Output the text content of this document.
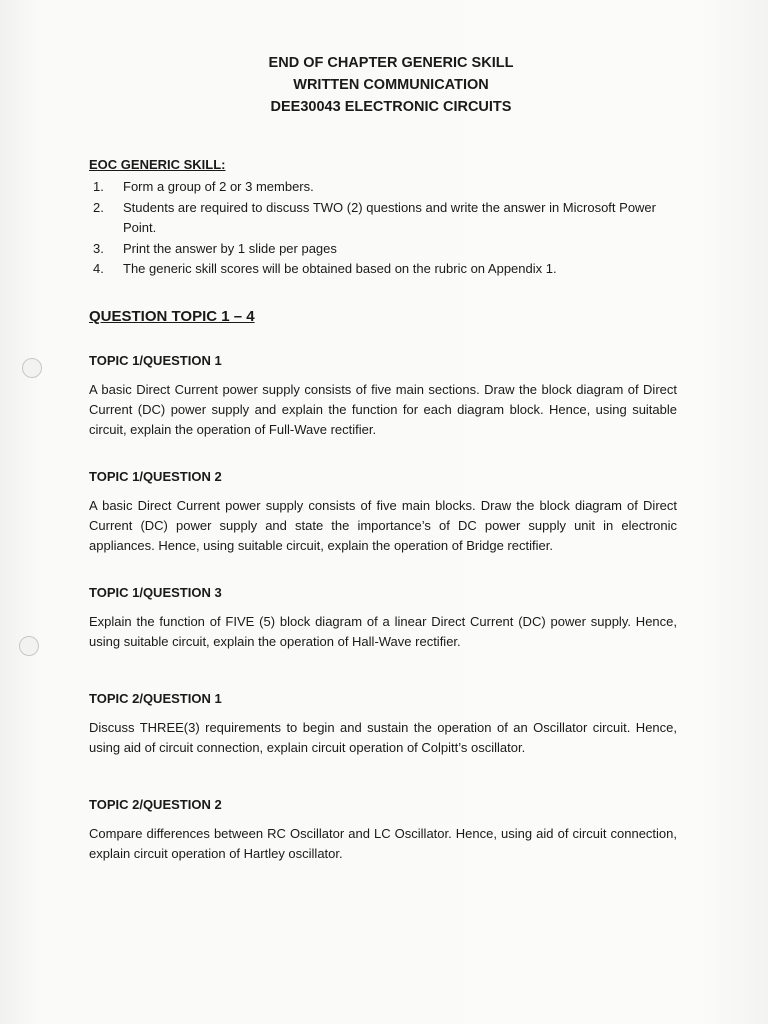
END OF CHAPTER GENERIC SKILL
WRITTEN COMMUNICATION
DEE30043 ELECTRONIC CIRCUITS
EOC GENERIC SKILL:
1. Form a group of 2 or 3 members.
2. Students are required to discuss TWO (2) questions and write the answer in Microsoft Power Point.
3. Print the answer by 1 slide per pages
4. The generic skill scores will be obtained based on the rubric on Appendix 1.
QUESTION TOPIC 1 – 4
TOPIC 1/QUESTION 1
A basic Direct Current power supply consists of five main sections. Draw the block diagram of Direct Current (DC) power supply and explain the function for each diagram block. Hence, using suitable circuit, explain the operation of Full-Wave rectifier.
TOPIC 1/QUESTION 2
A basic Direct Current power supply consists of five main blocks. Draw the block diagram of Direct Current (DC) power supply and state the importance’s of DC power supply unit in electronic appliances. Hence, using suitable circuit, explain the operation of Bridge rectifier.
TOPIC 1/QUESTION 3
Explain the function of FIVE (5) block diagram of a linear Direct Current (DC) power supply. Hence, using suitable circuit, explain the operation of Hall-Wave rectifier.
TOPIC 2/QUESTION 1
Discuss THREE(3) requirements to begin and sustain the operation of an Oscillator circuit. Hence, using aid of circuit connection, explain circuit operation of Colpitt’s oscillator.
TOPIC 2/QUESTION 2
Compare differences between RC Oscillator and LC Oscillator. Hence, using aid of circuit connection, explain circuit operation of Hartley oscillator.
